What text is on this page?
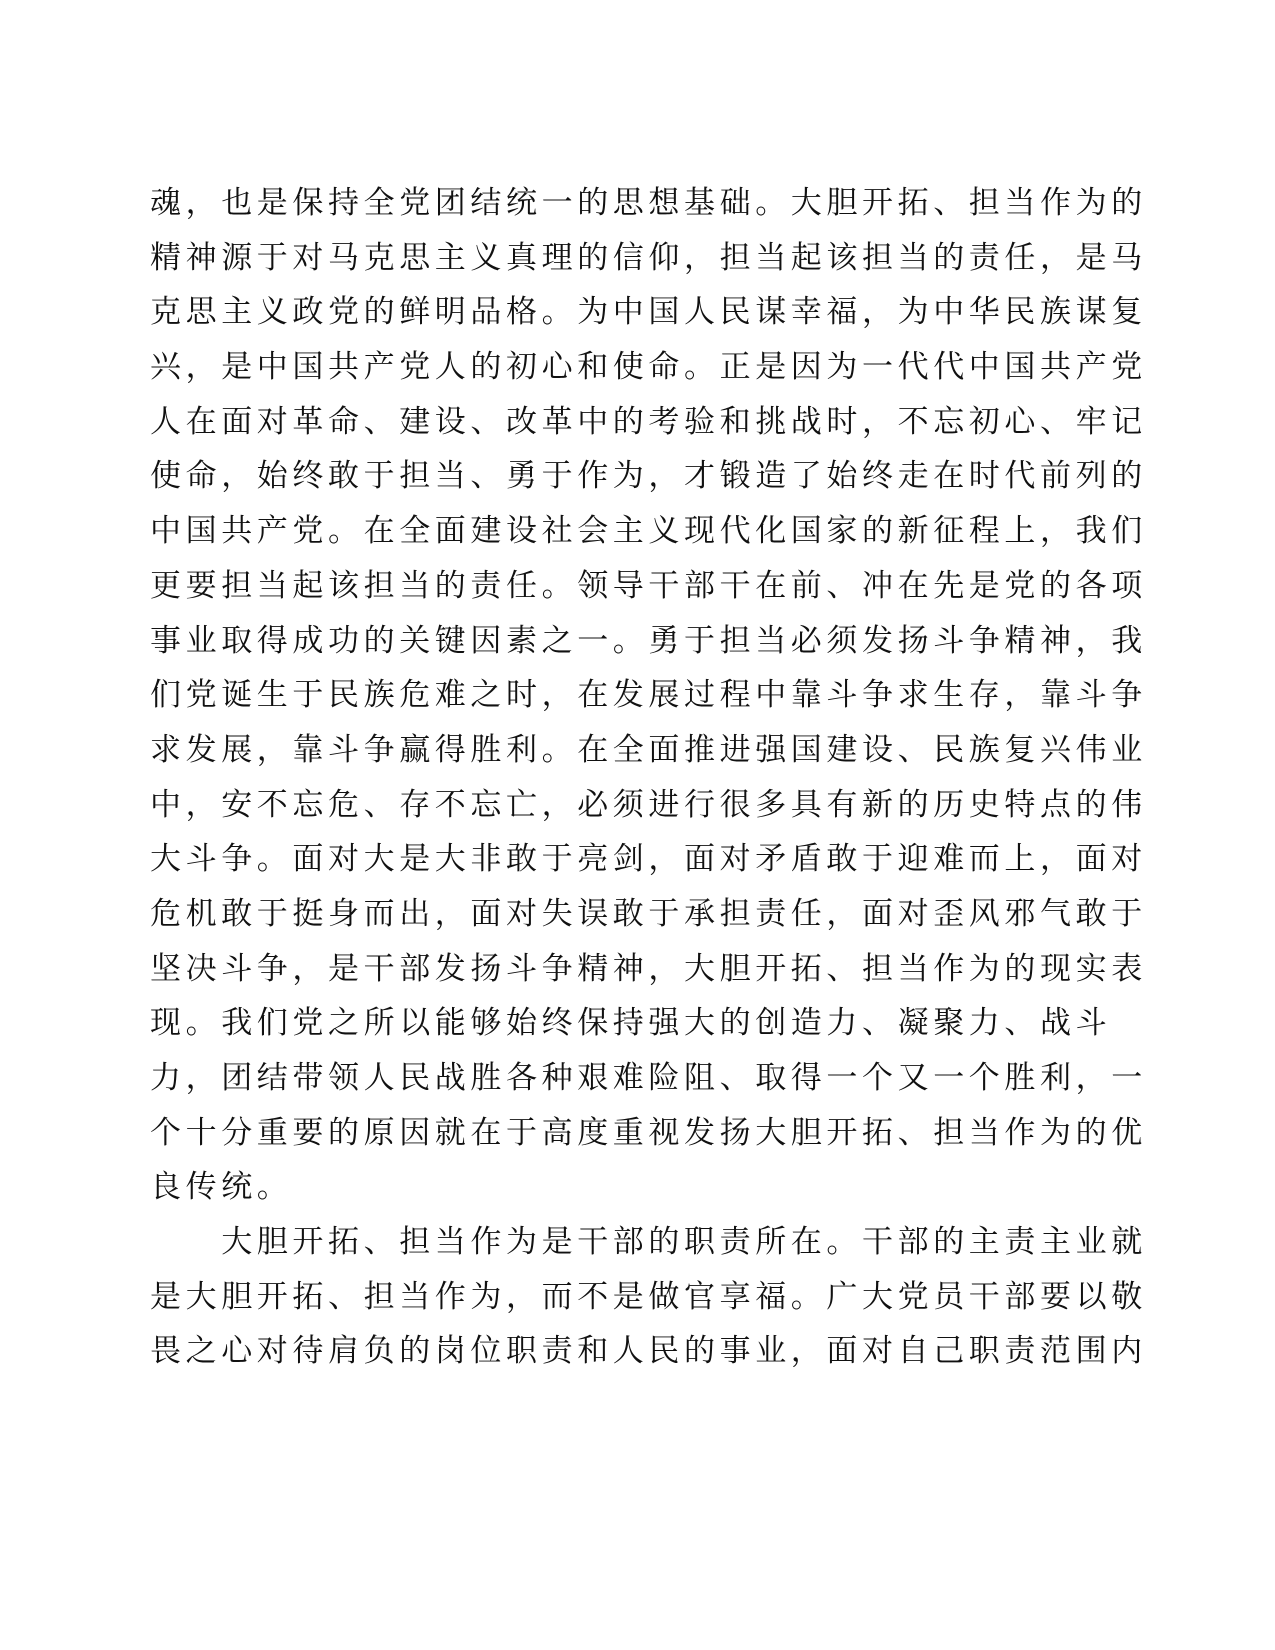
魂，也是保持全党团结统一的思想基础。大胆开拓、担当作为的
精神源于对马克思主义真理的信仰，担当起该担当的责任，是马
克思主义政党的鲜明品格。为中国人民谋幸福，为中华民族谋复
兴，是中国共产党人的初心和使命。正是因为一代代中国共产党
人在面对革命、建设、改革中的考验和挑战时，不忘初心、牢记
使命，始终敢于担当、勇于作为，才锻造了始终走在时代前列的
中国共产党。在全面建设社会主义现代化国家的新征程上，我们
更要担当起该担当的责任。领导干部干在前、冲在先是党的各项
事业取得成功的关键因素之一。勇于担当必须发扬斗争精神，我
们党诞生于民族危难之时，在发展过程中靠斗争求生存，靠斗争
求发展，靠斗争赢得胜利。在全面推进强国建设、民族复兴伟业
中，安不忘危、存不忘亡，必须进行很多具有新的历史特点的伟
大斗争。面对大是大非敢于亮剑，面对矛盾敢于迎难而上，面对
危机敢于挺身而出，面对失误敢于承担责任，面对歪风邪气敢于
坚决斗争，是干部发扬斗争精神，大胆开拓、担当作为的现实表
现。我们党之所以能够始终保持强大的创造力、凝聚力、战斗
力，团结带领人民战胜各种艰难险阻、取得一个又一个胜利，一
个十分重要的原因就在于高度重视发扬大胆开拓、担当作为的优
良传统。
　　大胆开拓、担当作为是干部的职责所在。干部的主责主业就
是大胆开拓、担当作为，而不是做官享福。广大党员干部要以敬
畏之心对待肩负的岗位职责和人民的事业，面对自己职责范围内
